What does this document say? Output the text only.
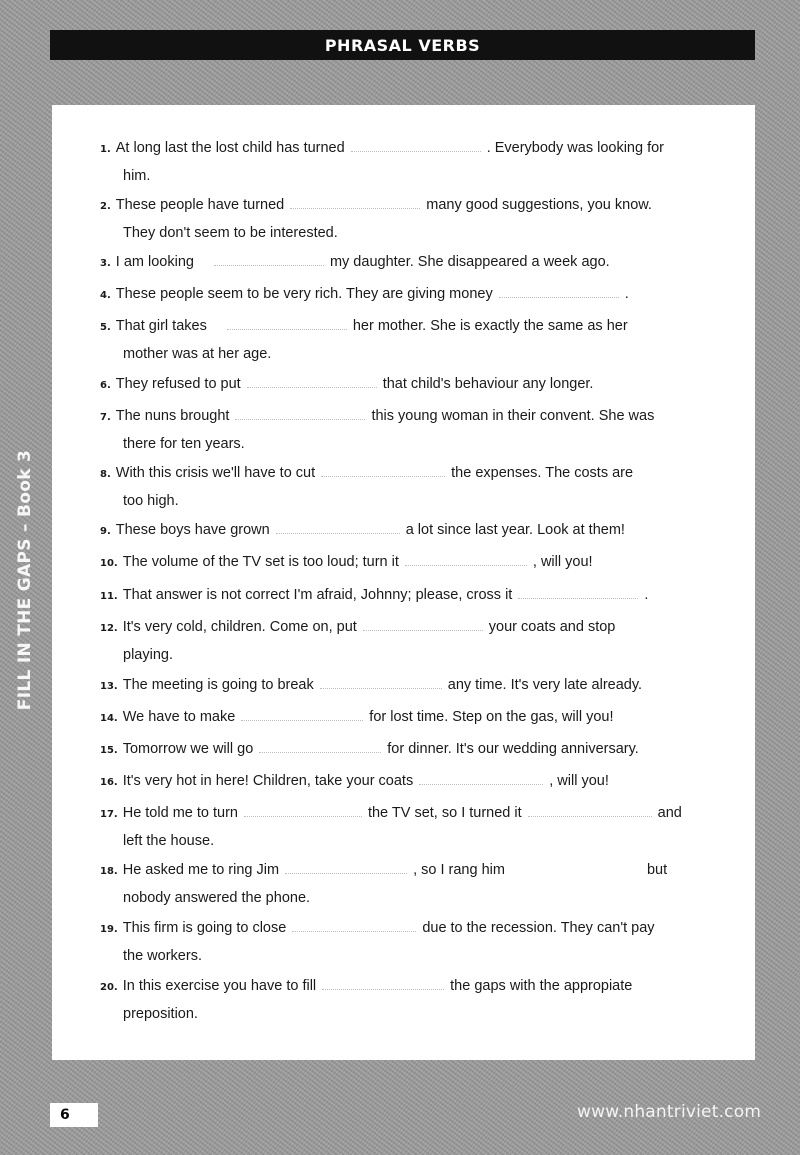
PHRASAL VERBS
FILL IN THE GAPS – Book 3
1. At long last the lost child has turned	. Everybody was looking for
him.
2. These people have turned	many good suggestions, you know.
They don't seem to be interested.
3. I am looking	my daughter. She disappeared a week ago.
4. These people seem to be very rich. They are giving money	.
5. That girl takes	her mother. She is exactly the same as her
mother was at her age.
6. They refused to put	that child's behaviour any longer.
7. The nuns brought	this young woman in their convent. She was
there for ten years.
8. With this crisis we'll have to cut	the expenses. The costs are
too high.
9. These boys have grown	a lot since last year. Look at them!
10. The volume of the TV set is too loud; turn it	, will you!
11. That answer is not correct I'm afraid, Johnny; please, cross it	.
12. It's very cold, children. Come on, put	your coats and stop
playing.
13. The meeting is going to break	any time. It's very late already.
14. We have to make	for lost time. Step on the gas, will you!
15. Tomorrow we will go	for dinner. It's our wedding anniversary.
16. It's very hot in here! Children, take your coats	, will you!
17. He told me to turn	the TV set, so I turned it	and
left the house.
18. He asked me to ring Jim	, so I rang him	but
nobody answered the phone.
19. This firm is going to close	due to the recession. They can't pay
the workers.
20. In this exercise you have to fill	the gaps with the appropiate
preposition.
6	www.nhantriviet.com
